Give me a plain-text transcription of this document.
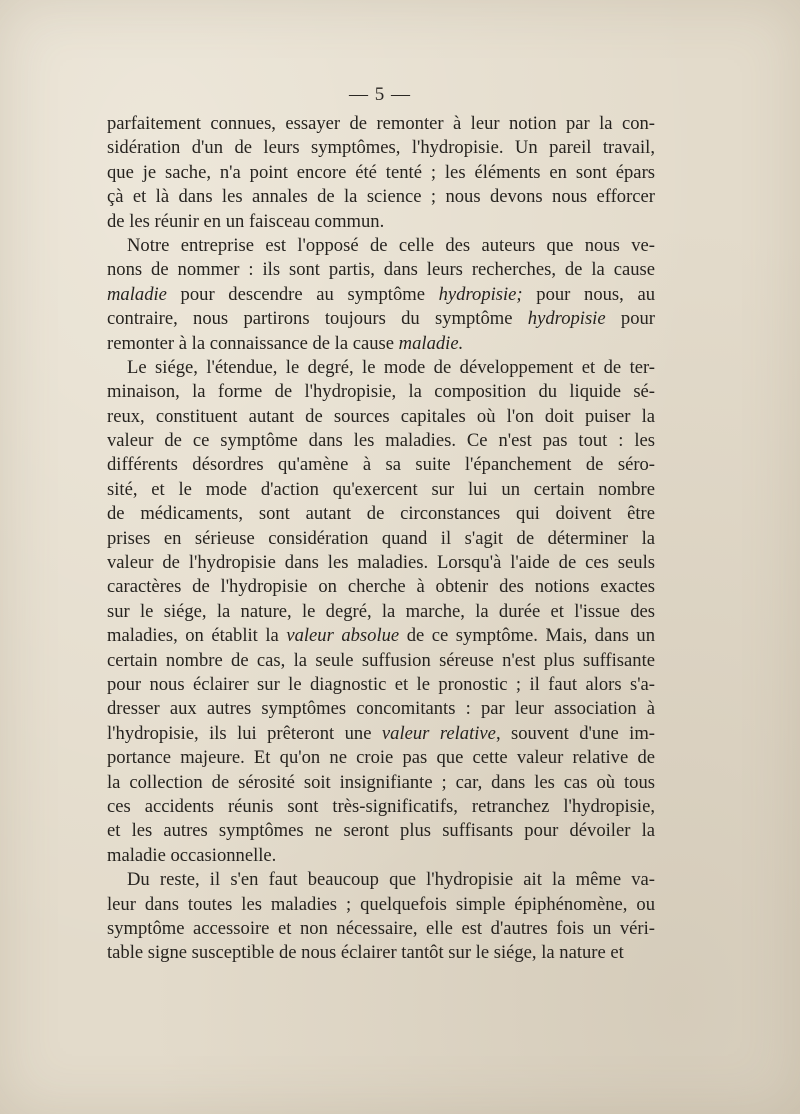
— 5 —
parfaitement connues, essayer de remonter à leur notion par la con-
sidération d'un de leurs symptômes, l'hydropisie. Un pareil travail,
que je sache, n'a point encore été tenté ; les éléments en sont épars
çà et là dans les annales de la science ; nous devons nous efforcer
de les réunir en un faisceau commun.
Notre entreprise est l'opposé de celle des auteurs que nous ve-
nons de nommer : ils sont partis, dans leurs recherches, de la cause
maladie pour descendre au symptôme hydropisie; pour nous, au
contraire, nous partirons toujours du symptôme hydropisie pour
remonter à la connaissance de la cause maladie.
Le siége, l'étendue, le degré, le mode de développement et de ter-
minaison, la forme de l'hydropisie, la composition du liquide sé-
reux, constituent autant de sources capitales où l'on doit puiser la
valeur de ce symptôme dans les maladies. Ce n'est pas tout : les
différents désordres qu'amène à sa suite l'épanchement de séro-
sité, et le mode d'action qu'exercent sur lui un certain nombre
de médicaments, sont autant de circonstances qui doivent être
prises en sérieuse considération quand il s'agit de déterminer la
valeur de l'hydropisie dans les maladies. Lorsqu'à l'aide de ces seuls
caractères de l'hydropisie on cherche à obtenir des notions exactes
sur le siége, la nature, le degré, la marche, la durée et l'issue des
maladies, on établit la valeur absolue de ce symptôme. Mais, dans un
certain nombre de cas, la seule suffusion séreuse n'est plus suffisante
pour nous éclairer sur le diagnostic et le pronostic ; il faut alors s'a-
dresser aux autres symptômes concomitants : par leur association à
l'hydropisie, ils lui prêteront une valeur relative, souvent d'une im-
portance majeure. Et qu'on ne croie pas que cette valeur relative de
la collection de sérosité soit insignifiante ; car, dans les cas où tous
ces accidents réunis sont très-significatifs, retranchez l'hydropisie,
et les autres symptômes ne seront plus suffisants pour dévoiler la
maladie occasionnelle.
Du reste, il s'en faut beaucoup que l'hydropisie ait la même va-
leur dans toutes les maladies ; quelquefois simple épiphénomène, ou
symptôme accessoire et non nécessaire, elle est d'autres fois un véri-
table signe susceptible de nous éclairer tantôt sur le siége, la nature et
